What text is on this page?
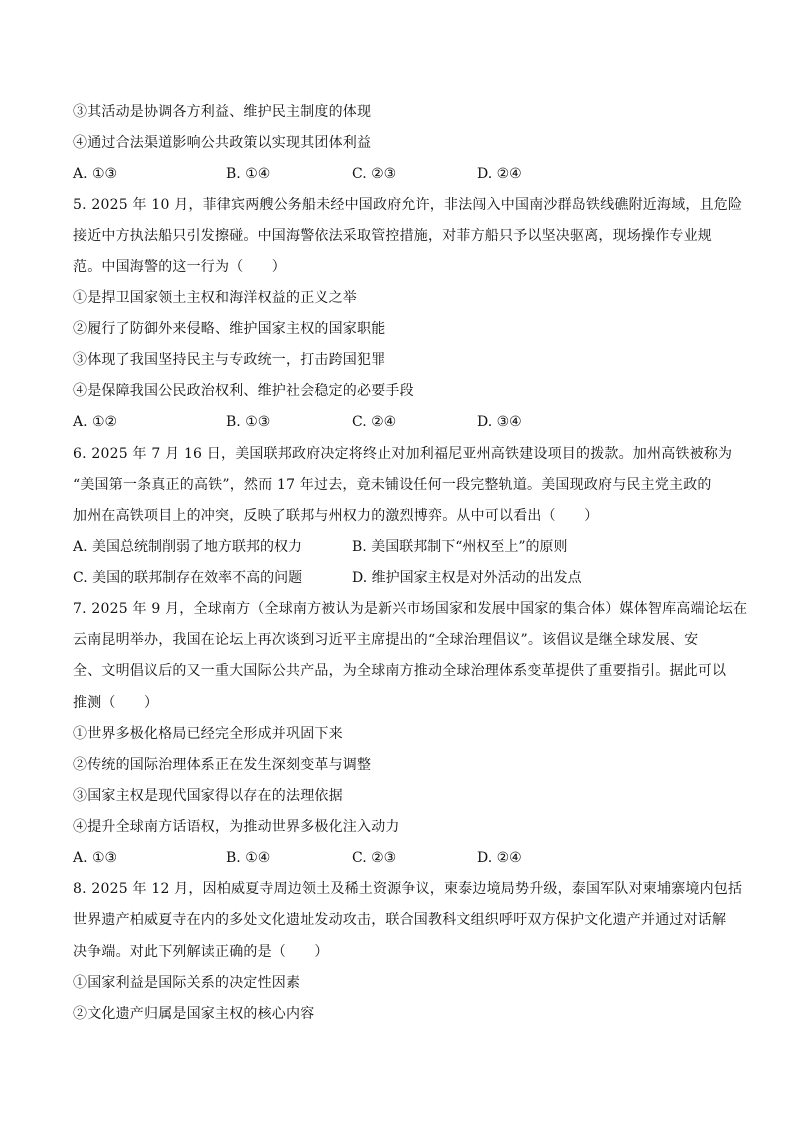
③其活动是协调各方利益、维护民主制度的体现
④通过合法渠道影响公共政策以实现其团体利益
A. ①③	B. ①④	C. ②③	D. ②④
5. 2025 年 10 月，菲律宾两艘公务船未经中国政府允许，非法闯入中国南沙群岛铁线礁附近海域，且危险
接近中方执法船只引发擦碰。中国海警依法采取管控措施，对菲方船只予以坚决驱离，现场操作专业规
范。中国海警的这一行为（　　）
①是捍卫国家领土主权和海洋权益的正义之举
②履行了防御外来侵略、维护国家主权的国家职能
③体现了我国坚持民主与专政统一，打击跨国犯罪
④是保障我国公民政治权利、维护社会稳定的必要手段
A. ①②	B. ①③	C. ②④	D. ③④
6. 2025 年 7 月 16 日，美国联邦政府决定将终止对加利福尼亚州高铁建设项目的拨款。加州高铁被称为
“美国第一条真正的高铁”，然而 17 年过去，竟未铺设任何一段完整轨道。美国现政府与民主党主政的
加州在高铁项目上的冲突，反映了联邦与州权力的激烈博弈。从中可以看出（　　）
A. 美国总统制削弱了地方联邦的权力	B. 美国联邦制下“州权至上”的原则
C. 美国的联邦制存在效率不高的问题	D. 维护国家主权是对外活动的出发点
7. 2025 年 9 月，全球南方（全球南方被认为是新兴市场国家和发展中国家的集合体）媒体智库高端论坛在
云南昆明举办，我国在论坛上再次谈到习近平主席提出的“全球治理倡议”。该倡议是继全球发展、安
全、文明倡议后的又一重大国际公共产品，为全球南方推动全球治理体系变革提供了重要指引。据此可以
推测（　　）
①世界多极化格局已经完全形成并巩固下来
②传统的国际治理体系正在发生深刻变革与调整
③国家主权是现代国家得以存在的法理依据
④提升全球南方话语权，为推动世界多极化注入动力
A. ①③	B. ①④	C. ②③	D. ②④
8. 2025 年 12 月，因柏威夏寺周边领土及稀土资源争议，柬泰边境局势升级，泰国军队对柬埔寨境内包括
世界遗产柏威夏寺在内的多处文化遗址发动攻击，联合国教科文组织呼吁双方保护文化遗产并通过对话解
决争端。对此下列解读正确的是（　　）
①国家利益是国际关系的决定性因素
②文化遗产归属是国家主权的核心内容
